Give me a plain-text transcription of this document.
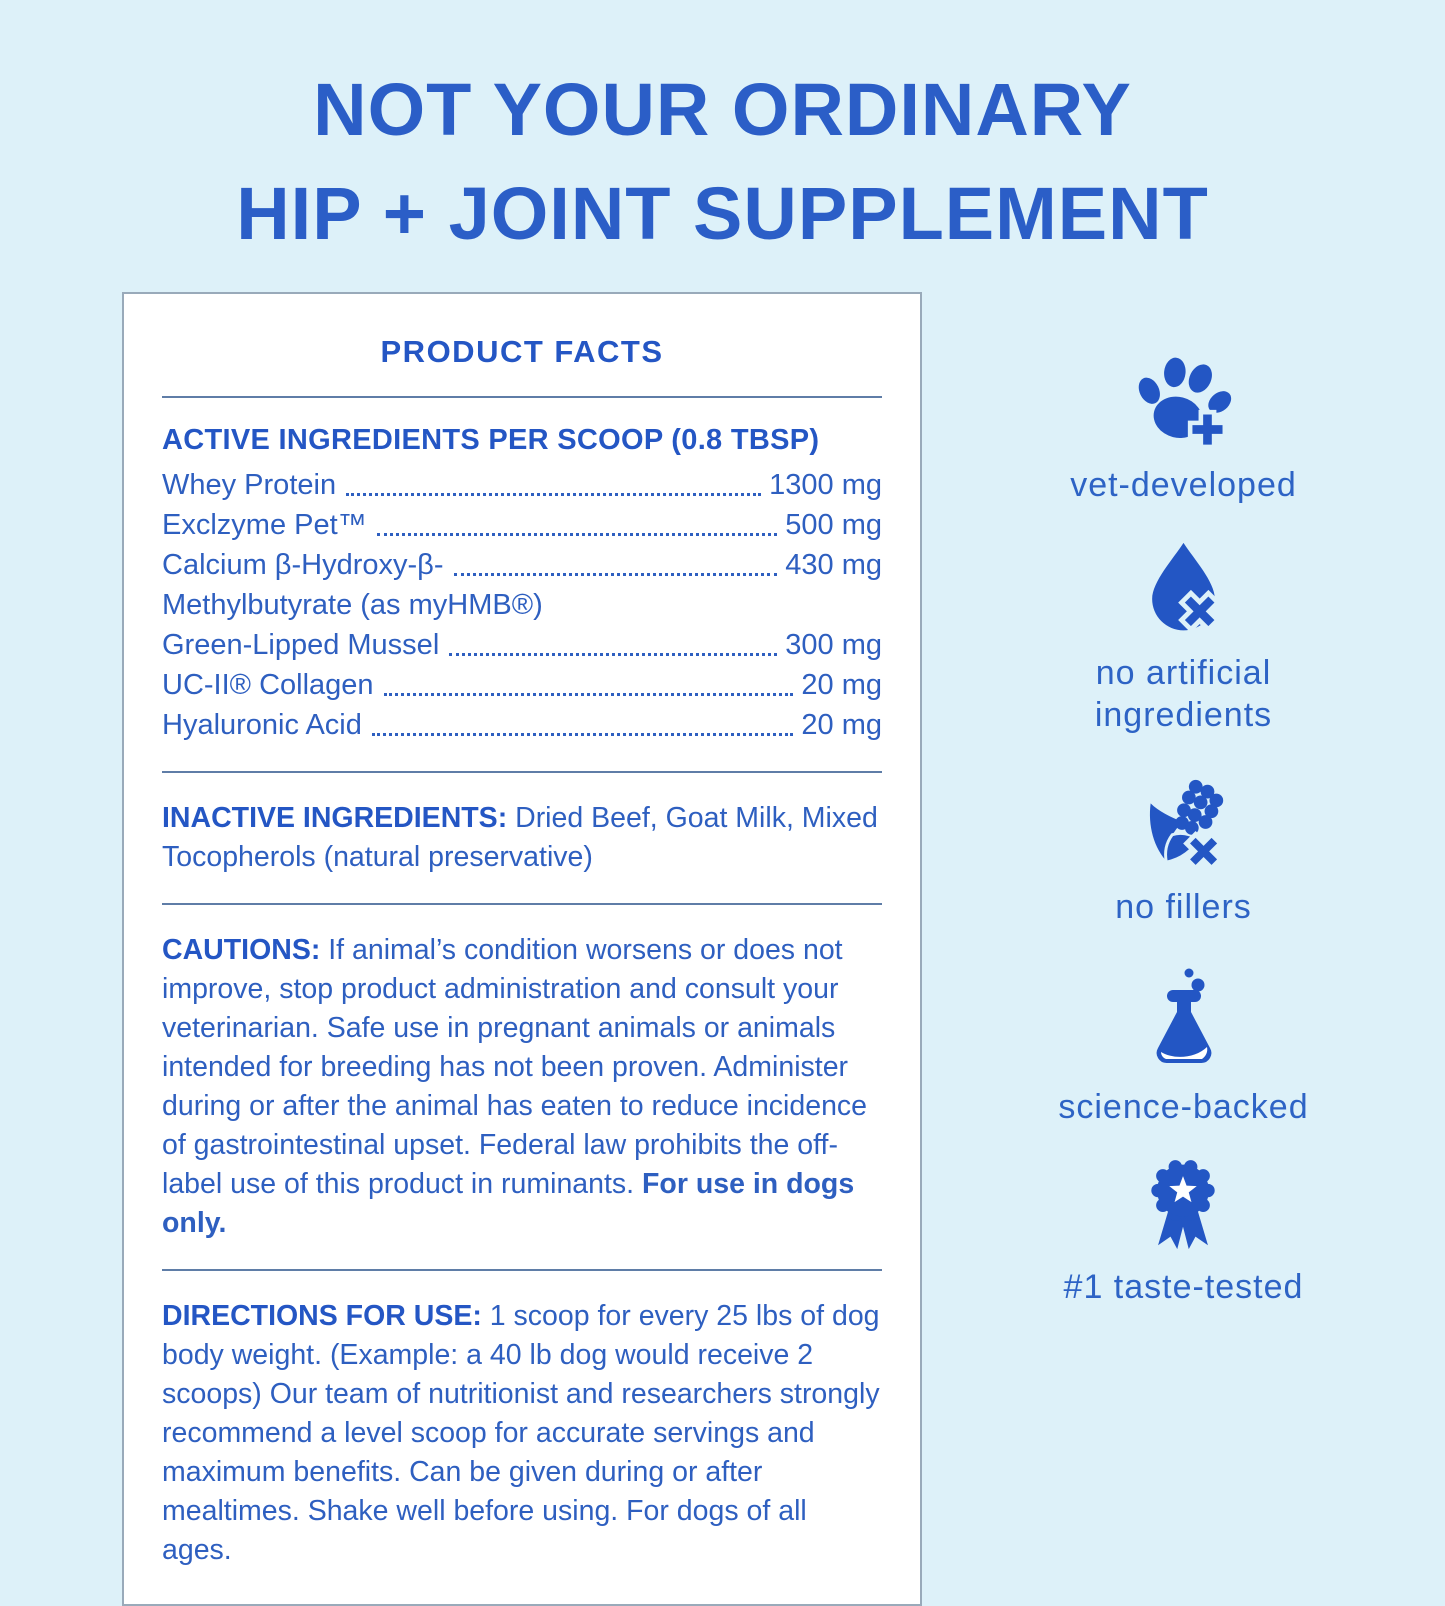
NOT YOUR ORDINARY
HIP + JOINT SUPPLEMENT
PRODUCT FACTS
ACTIVE INGREDIENTS PER SCOOP (0.8 TBSP)
Whey Protein	1300 mg
Exclzyme Pet™	500 mg
Calcium β-Hydroxy-β-	430 mg
Methylbutyrate (as myHMB®)
Green-Lipped Mussel	300 mg
UC-II® Collagen	20 mg
Hyaluronic Acid	20 mg
INACTIVE INGREDIENTS: Dried Beef, Goat Milk, Mixed Tocopherols (natural preservative)
CAUTIONS: If animal’s condition worsens or does not improve, stop product administration and consult your veterinarian. Safe use in pregnant animals or animals intended for breeding has not been proven. Administer during or after the animal has eaten to reduce incidence of gastrointestinal upset. Federal law prohibits the off-label use of this product in ruminants. For use in dogs only.
DIRECTIONS FOR USE: 1 scoop for every 25 lbs of dog body weight. (Example: a 40 lb dog would receive 2 scoops) Our team of nutritionist and researchers strongly recommend a level scoop for accurate servings and maximum benefits. Can be given during or after mealtimes. Shake well before using. For dogs of all ages.
vet-developed
no artificial ingredients
no fillers
science-backed
#1 taste-tested
